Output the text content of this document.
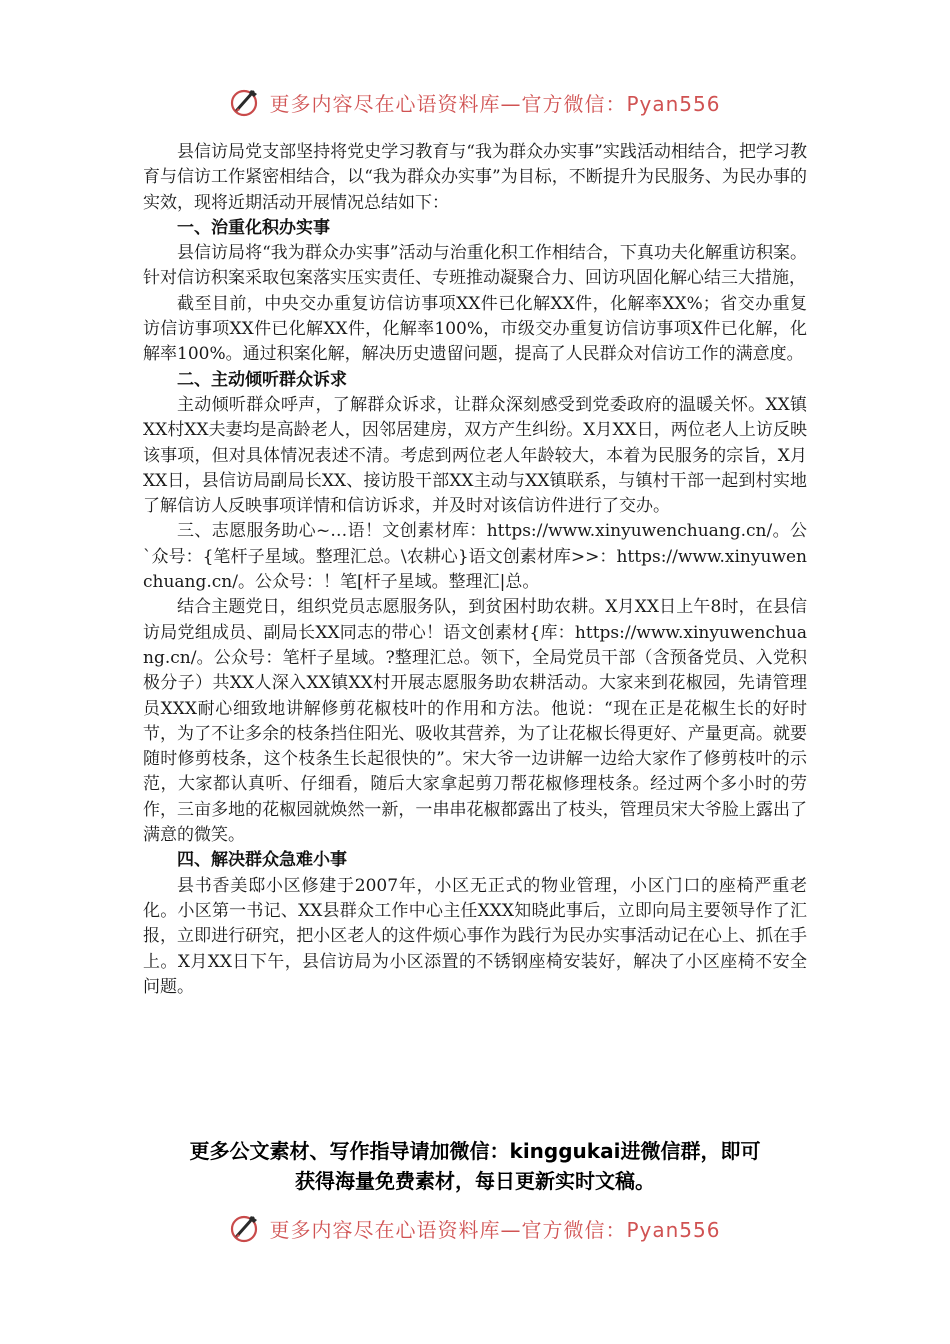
更多内容尽在心语资料库—官方微信：Pyan556

县信访局党支部坚持将党史学习教育与“我为群众办实事”实践活动相结合，把学习教育与信访工作紧密相结合，以“我为群众办实事”为目标，不断提升为民服务、为民办事的实效，现将近期活动开展情况总结如下：

一、治重化积办实事

县信访局将“我为群众办实事”活动与治重化积工作相结合，下真功夫化解重访积案。针对信访积案采取包案落实压实责任、专班推动凝聚合力、回访巩固化解心结三大措施，

截至目前，中央交办重复访信访事项XX件已化解XX件，化解率XX%；省交办重复访信访事项XX件已化解XX件，化解率100%，市级交办重复访信访事项X件已化解，化解率100%。通过积案化解，解决历史遗留问题，提高了人民群众对信访工作的满意度。

二、主动倾听群众诉求

主动倾听群众呼声，了解群众诉求，让群众深刻感受到党委政府的温暖关怀。XX镇XX村XX夫妻均是高龄老人，因邻居建房，双方产生纠纷。X月XX日，两位老人上访反映该事项，但对具体情况表述不清。考虑到两位老人年龄较大，本着为民服务的宗旨，X月XX日，县信访局副局长XX、接访股干部XX主动与XX镇联系，与镇村干部一起到村实地了解信访人反映事项详情和信访诉求，并及时对该信访件进行了交办。

三、志愿服务助心~…语！文创素材库：https://www.xinyuwenchuang.cn/。公`众号：{笔杆子星域。整理汇总。\农耕心}语文创素材库>>：https://www.xinyuwenchuang.cn/。公众号：！笔[杆子星域。整理汇|总。

结合主题党日，组织党员志愿服务队，到贫困村助农耕。X月XX日上午8时，在县信访局党组成员、副局长XX同志的带心！语文创素材{库：https://www.xinyuwenchuang.cn/。公众号：笔杆子星域。?整理汇总。领下，全局党员干部（含预备党员、入党积极分子）共XX人深入XX镇XX村开展志愿服务助农耕活动。大家来到花椒园，先请管理员XXX耐心细致地讲解修剪花椒枝叶的作用和方法。他说：“现在正是花椒生长的好时节，为了不让多余的枝条挡住阳光、吸收其营养，为了让花椒长得更好、产量更高。就要随时修剪枝条，这个枝条生长起很快的”。宋大爷一边讲解一边给大家作了修剪枝叶的示范，大家都认真听、仔细看，随后大家拿起剪刀帮花椒修理枝条。经过两个多小时的劳作，三亩多地的花椒园就焕然一新，一串串花椒都露出了枝头，管理员宋大爷脸上露出了满意的微笑。

四、解决群众急难小事

县书香美邸小区修建于2007年，小区无正式的物业管理，小区门口的座椅严重老化。小区第一书记、XX县群众工作中心主任XXX知晓此事后，立即向局主要领导作了汇报，立即进行研究，把小区老人的这件烦心事作为践行为民办实事活动记在心上、抓在手上。X月XX日下午，县信访局为小区添置的不锈钢座椅安装好，解决了小区座椅不安全问题。

更多公文素材、写作指导请加微信：kinggukai进微信群，即可
获得海量免费素材，每日更新实时文稿。
更多内容尽在心语资料库—官方微信：Pyan556
